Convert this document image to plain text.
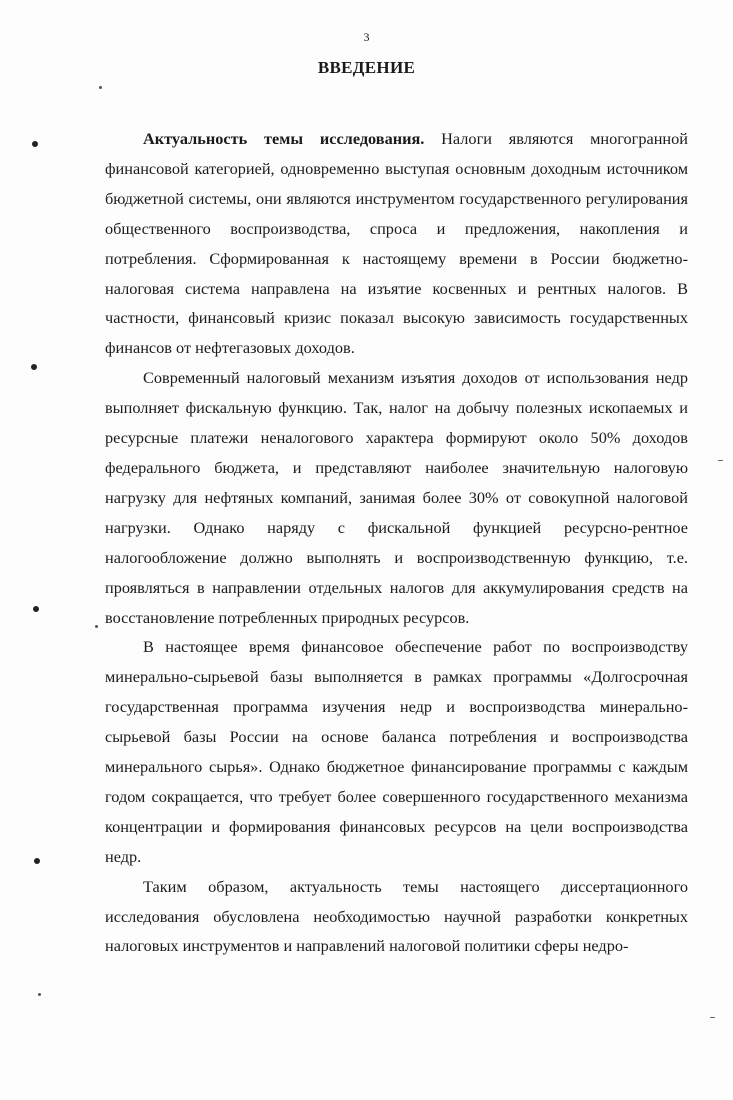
3
ВВЕДЕНИЕ

Актуальность темы исследования. Налоги являются многогранной финансовой категорией, одновременно выступая основным доходным источником бюджетной системы, они являются инструментом государственного регулирования общественного воспроизводства, спроса и предложения, накопления и потребления. Сформированная к настоящему времени в России бюджетно-налоговая система направлена на изъятие косвенных и рентных налогов. В частности, финансовый кризис показал высокую зависимость государственных финансов от нефтегазовых доходов.

Современный налоговый механизм изъятия доходов от использования недр выполняет фискальную функцию. Так, налог на добычу полезных ископаемых и ресурсные платежи неналогового характера формируют около 50% доходов федерального бюджета, и представляют наиболее значительную налоговую нагрузку для нефтяных компаний, занимая более 30% от совокупной налоговой нагрузки. Однако наряду с фискальной функцией ресурсно-рентное налогообложение должно выполнять и воспроизводственную функцию, т.е. проявляться в направлении отдельных налогов для аккумулирования средств на восстановление потребленных природных ресурсов.

В настоящее время финансовое обеспечение работ по воспроизводству минерально-сырьевой базы выполняется в рамках программы «Долгосрочная государственная программа изучения недр и воспроизводства минерально-сырьевой базы России на основе баланса потребления и воспроизводства минерального сырья». Однако бюджетное финансирование программы с каждым годом сокращается, что требует более совершенного государственного механизма концентрации и формирования финансовых ресурсов на цели воспроизводства недр.

Таким образом, актуальность темы настоящего диссертационного исследования обусловлена необходимостью научной разработки конкретных налоговых инструментов и направлений налоговой политики сферы недро-
